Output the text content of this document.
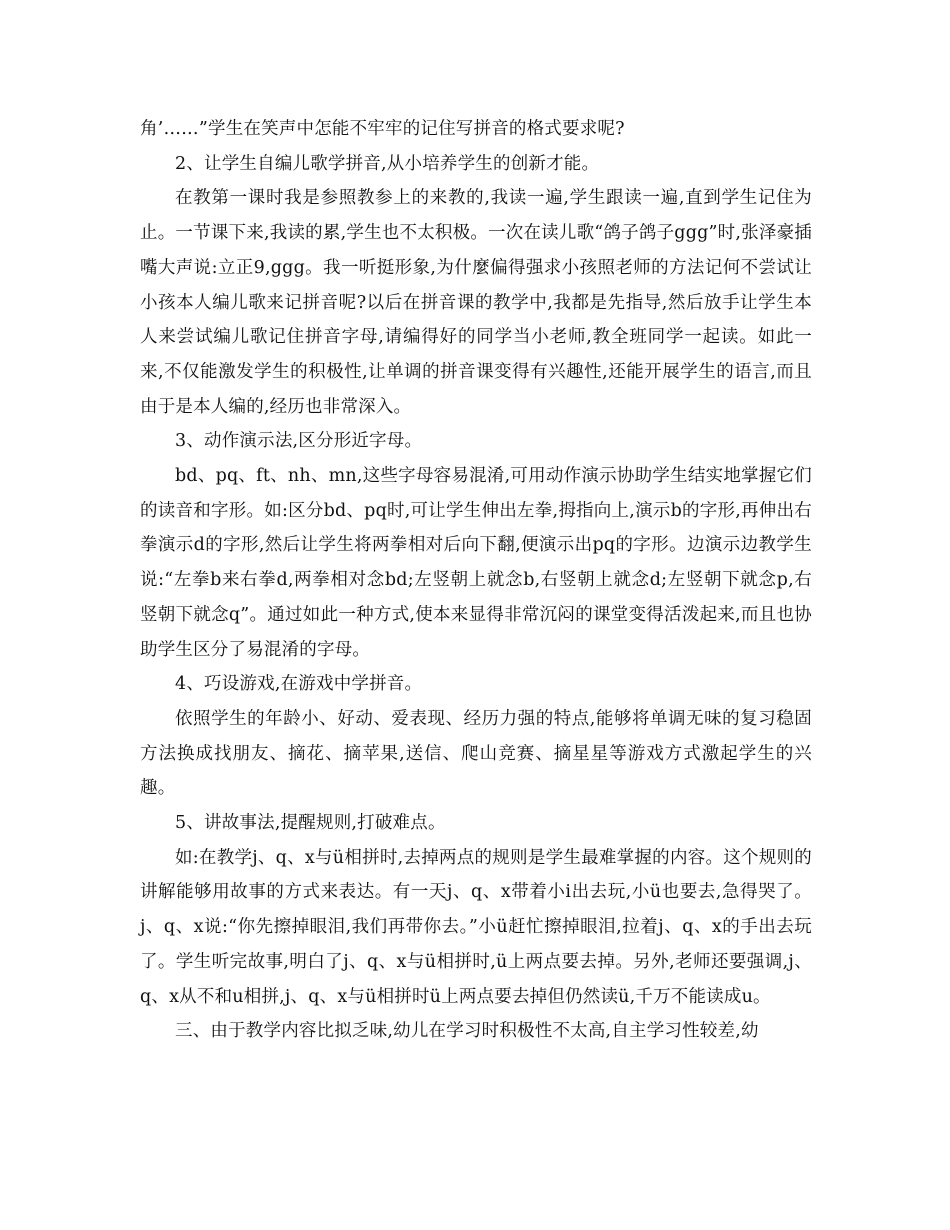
角’……”学生在笑声中怎能不牢牢的记住写拼音的格式要求呢?

2、让学生自编儿歌学拼音,从小培养学生的创新才能。

在教第一课时我是参照教参上的来教的,我读一遍,学生跟读一遍,直到学生记住为止。一节课下来,我读的累,学生也不太积极。一次在读儿歌“鸽子鸽子ggg”时,张泽豪插嘴大声说:立正9,ggg。我一听挺形象,为什麼偏得强求小孩照老师的方法记何不尝试让小孩本人编儿歌来记拼音呢?以后在拼音课的教学中,我都是先指导,然后放手让学生本人来尝试编儿歌记住拼音字母,请编得好的同学当小老师,教全班同学一起读。如此一来,不仅能激发学生的积极性,让单调的拼音课变得有兴趣性,还能开展学生的语言,而且由于是本人编的,经历也非常深入。

3、动作演示法,区分形近字母。

bd、pq、ft、nh、mn,这些字母容易混淆,可用动作演示协助学生结实地掌握它们的读音和字形。如:区分bd、pq时,可让学生伸出左拳,拇指向上,演示b的字形,再伸出右拳演示d的字形,然后让学生将两拳相对后向下翻,便演示出pq的字形。边演示边教学生说:“左拳b来右拳d,两拳相对念bd;左竖朝上就念b,右竖朝上就念d;左竖朝下就念p,右竖朝下就念q”。通过如此一种方式,使本来显得非常沉闷的课堂变得活泼起来,而且也协助学生区分了易混淆的字母。

4、巧设游戏,在游戏中学拼音。

依照学生的年龄小、好动、爱表现、经历力强的特点,能够将单调无味的复习稳固方法换成找朋友、摘花、摘苹果,送信、爬山竞赛、摘星星等游戏方式激起学生的兴趣。

5、讲故事法,提醒规则,打破难点。

如:在教学j、q、x与ü相拼时,去掉两点的规则是学生最难掌握的内容。这个规则的讲解能够用故事的方式来表达。有一天j、q、x带着小i出去玩,小ü也要去,急得哭了。j、q、x说:“你先擦掉眼泪,我们再带你去。”小ü赶忙擦掉眼泪,拉着j、q、x的手出去玩了。学生听完故事,明白了j、q、x与ü相拼时,ü上两点要去掉。另外,老师还要强调,j、q、x从不和u相拼,j、q、x与ü相拼时ü上两点要去掉但仍然读ü,千万不能读成u。

三、由于教学内容比拟乏味,幼儿在学习时积极性不太高,自主学习性较差,幼
